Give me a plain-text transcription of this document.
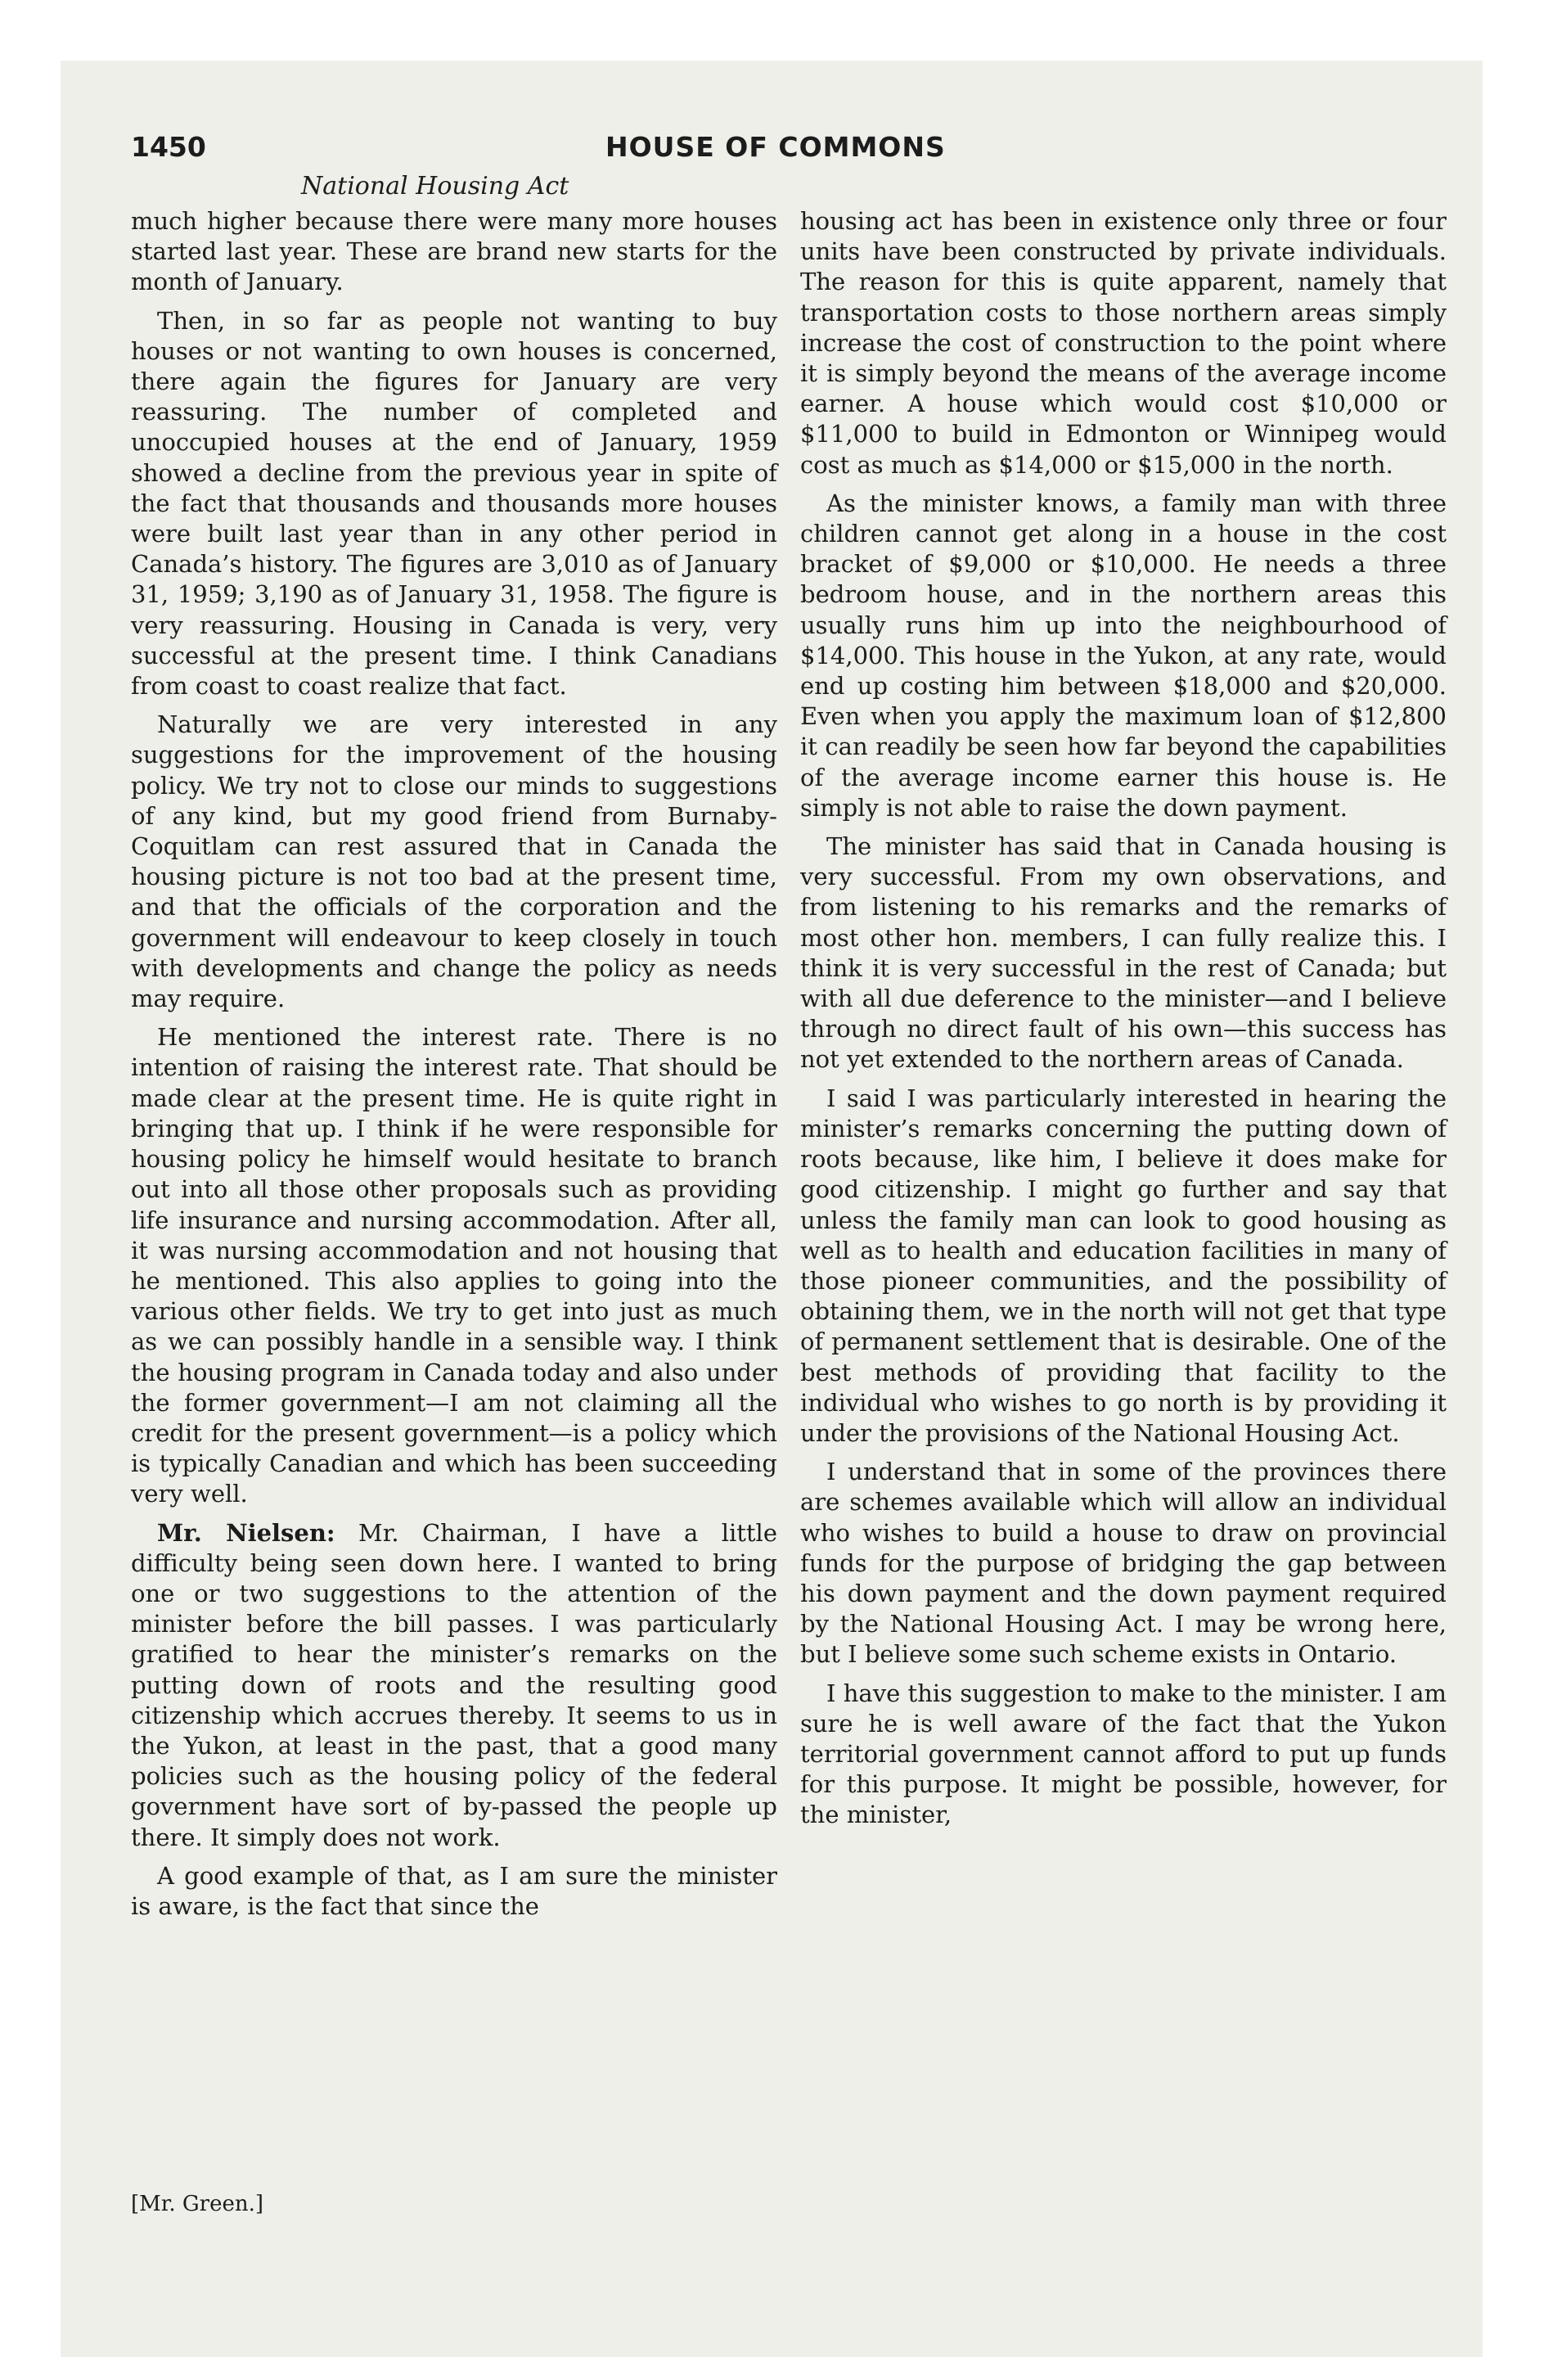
1450	HOUSE OF COMMONS
National Housing Act

much higher because there were many more houses started last year. These are brand new starts for the month of January.

Then, in so far as people not wanting to buy houses or not wanting to own houses is concerned, there again the figures for January are very reassuring. The number of completed and unoccupied houses at the end of January, 1959 showed a decline from the previous year in spite of the fact that thousands and thousands more houses were built last year than in any other period in Canada’s history. The figures are 3,010 as of January 31, 1959; 3,190 as of January 31, 1958. The figure is very reassuring. Housing in Canada is very, very successful at the present time. I think Canadians from coast to coast realize that fact.

Naturally we are very interested in any suggestions for the improvement of the housing policy. We try not to close our minds to suggestions of any kind, but my good friend from Burnaby-Coquitlam can rest assured that in Canada the housing picture is not too bad at the present time, and that the officials of the corporation and the government will endeavour to keep closely in touch with developments and change the policy as needs may require.

He mentioned the interest rate. There is no intention of raising the interest rate. That should be made clear at the present time. He is quite right in bringing that up. I think if he were responsible for housing policy he himself would hesitate to branch out into all those other proposals such as providing life insurance and nursing accommodation. After all, it was nursing accommodation and not housing that he mentioned. This also applies to going into the various other fields. We try to get into just as much as we can possibly handle in a sensible way. I think the housing program in Canada today and also under the former government—I am not claiming all the credit for the present government—is a policy which is typically Canadian and which has been succeeding very well.

Mr. Nielsen: Mr. Chairman, I have a little difficulty being seen down here. I wanted to bring one or two suggestions to the attention of the minister before the bill passes. I was particularly gratified to hear the minister’s remarks on the putting down of roots and the resulting good citizenship which accrues thereby. It seems to us in the Yukon, at least in the past, that a good many policies such as the housing policy of the federal government have sort of by-passed the people up there. It simply does not work.

A good example of that, as I am sure the minister is aware, is the fact that since the

housing act has been in existence only three or four units have been constructed by private individuals. The reason for this is quite apparent, namely that transportation costs to those northern areas simply increase the cost of construction to the point where it is simply beyond the means of the average income earner. A house which would cost $10,000 or $11,000 to build in Edmonton or Winnipeg would cost as much as $14,000 or $15,000 in the north.

As the minister knows, a family man with three children cannot get along in a house in the cost bracket of $9,000 or $10,000. He needs a three bedroom house, and in the northern areas this usually runs him up into the neighbourhood of $14,000. This house in the Yukon, at any rate, would end up costing him between $18,000 and $20,000. Even when you apply the maximum loan of $12,800 it can readily be seen how far beyond the capabilities of the average income earner this house is. He simply is not able to raise the down payment.

The minister has said that in Canada housing is very successful. From my own observations, and from listening to his remarks and the remarks of most other hon. members, I can fully realize this. I think it is very successful in the rest of Canada; but with all due deference to the minister—and I believe through no direct fault of his own—this success has not yet extended to the northern areas of Canada.

I said I was particularly interested in hearing the minister’s remarks concerning the putting down of roots because, like him, I believe it does make for good citizenship. I might go further and say that unless the family man can look to good housing as well as to health and education facilities in many of those pioneer communities, and the possibility of obtaining them, we in the north will not get that type of permanent settlement that is desirable. One of the best methods of providing that facility to the individual who wishes to go north is by providing it under the provisions of the National Housing Act.

I understand that in some of the provinces there are schemes available which will allow an individual who wishes to build a house to draw on provincial funds for the purpose of bridging the gap between his down payment and the down payment required by the National Housing Act. I may be wrong here, but I believe some such scheme exists in Ontario.

I have this suggestion to make to the minister. I am sure he is well aware of the fact that the Yukon territorial government cannot afford to put up funds for this purpose. It might be possible, however, for the minister,

[Mr. Green.]
